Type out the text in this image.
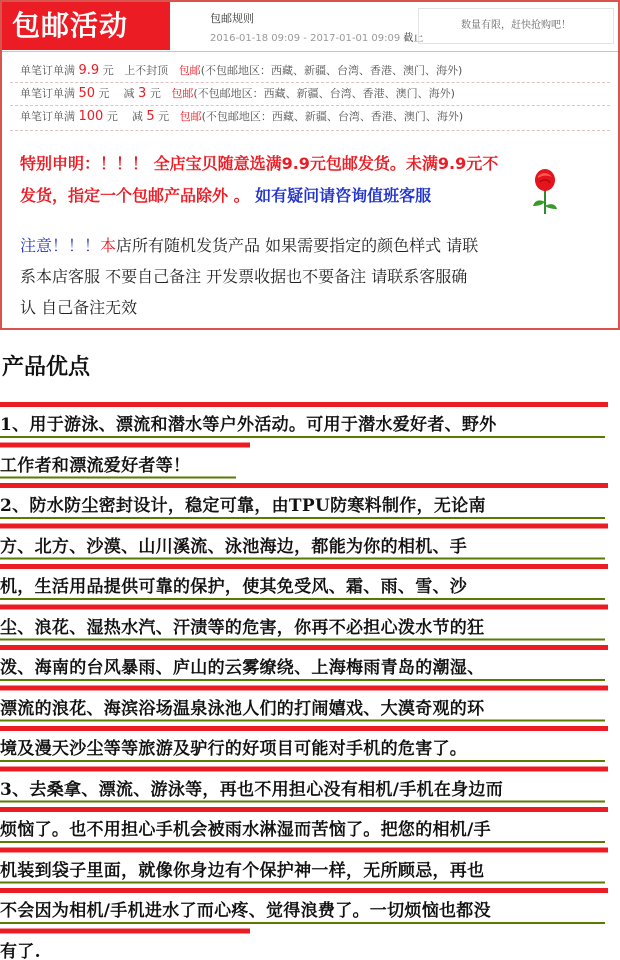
包邮活动	包邮规则
2016-01-18 09:09 - 2017-01-01 09:09 截止
数量有限，赶快抢购吧！
单笔订单满 9.9 元 上不封顶 包邮(不包邮地区：西藏、新疆、台湾、香港、澳门、海外)
单笔订单满 50 元 减 3 元 包邮(不包邮地区：西藏、新疆、台湾、香港、澳门、海外)
单笔订单满 100 元 减 5 元 包邮(不包邮地区：西藏、新疆、台湾、香港、澳门、海外)
特别申明：！！！ 全店宝贝随意选满9.9元包邮发货。未满9.9元不
发货，指定一个包邮产品除外 。 如有疑问请咨询值班客服
注意！！！本店所有随机发货产品 如果需要指定的颜色样式 请联
系本店客服 不要自己备注 开发票收据也不要备注 请联系客服确
认 自己备注无效
产品优点
1、用于游泳、漂流和潜水等户外活动。可用于潜水爱好者、野外
工作者和漂流爱好者等！
2、防水防尘密封设计，稳定可靠，由TPU防寒料制作，无论南
方、北方、沙漠、山川溪流、泳池海边，都能为你的相机、手
机，生活用品提供可靠的保护，使其免受风、霜、雨、雪、沙
尘、浪花、湿热水汽、汗渍等的危害，你再不必担心泼水节的狂
泼、海南的台风暴雨、庐山的云雾缭绕、上海梅雨青岛的潮湿、
漂流的浪花、海滨浴场温泉泳池人们的打闹嬉戏、大漠奇观的环
境及漫天沙尘等等旅游及驴行的好项目可能对手机的危害了。
3、去桑拿、漂流、游泳等，再也不用担心没有相机/手机在身边而
烦恼了。也不用担心手机会被雨水淋湿而苦恼了。把您的相机/手
机装到袋子里面，就像你身边有个保护神一样，无所顾忌，再也
不会因为相机/手机进水了而心疼、觉得浪费了。一切烦恼也都没
有了.
